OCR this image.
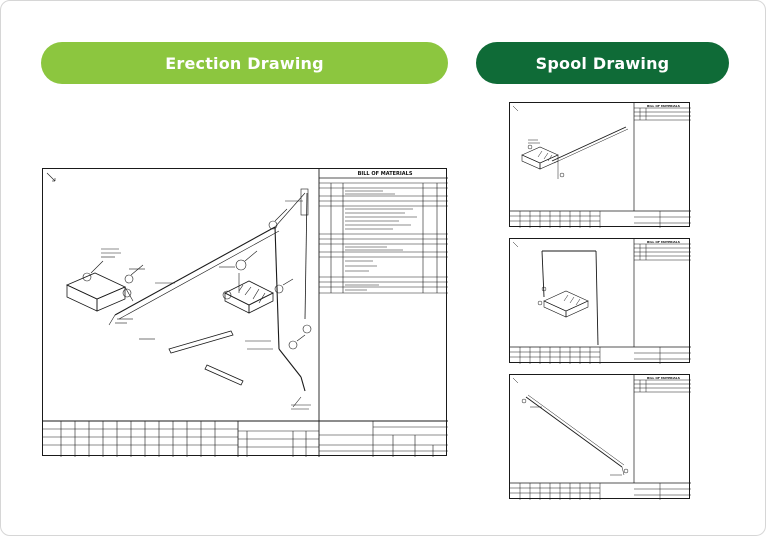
Erection Drawing	Spool Drawing
BILL OF MATERIALS
BILL OF MATERIALS
BILL OF MATERIALS
BILL OF MATERIALS
